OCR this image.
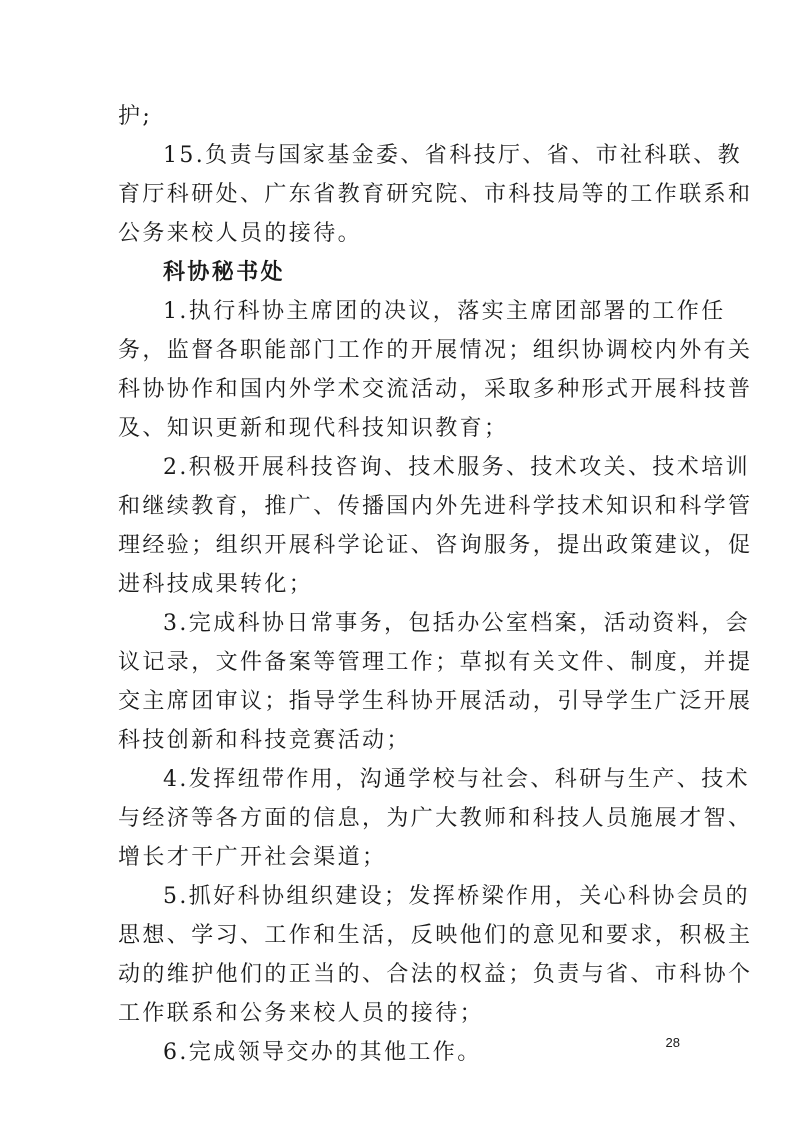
护;
15.负责与国家基金委、省科技厅、省、市社科联、教
育厅科研处、广东省教育研究院、市科技局等的工作联系和
公务来校人员的接待。
科协秘书处
1.执行科协主席团的决议，落实主席团部署的工作任
务，监督各职能部门工作的开展情况；组织协调校内外有关
科协协作和国内外学术交流活动，采取多种形式开展科技普
及、知识更新和现代科技知识教育；
2.积极开展科技咨询、技术服务、技术攻关、技术培训
和继续教育，推广、传播国内外先进科学技术知识和科学管
理经验；组织开展科学论证、咨询服务，提出政策建议，促
进科技成果转化；
3.完成科协日常事务，包括办公室档案，活动资料，会
议记录，文件备案等管理工作；草拟有关文件、制度，并提
交主席团审议；指导学生科协开展活动，引导学生广泛开展
科技创新和科技竞赛活动；
4.发挥纽带作用，沟通学校与社会、科研与生产、技术
与经济等各方面的信息，为广大教师和科技人员施展才智、
增长才干广开社会渠道；
5.抓好科协组织建设；发挥桥梁作用，关心科协会员的
思想、学习、工作和生活，反映他们的意见和要求，积极主
动的维护他们的正当的、合法的权益；负责与省、市科协个
工作联系和公务来校人员的接待；
6.完成领导交办的其他工作。	28
